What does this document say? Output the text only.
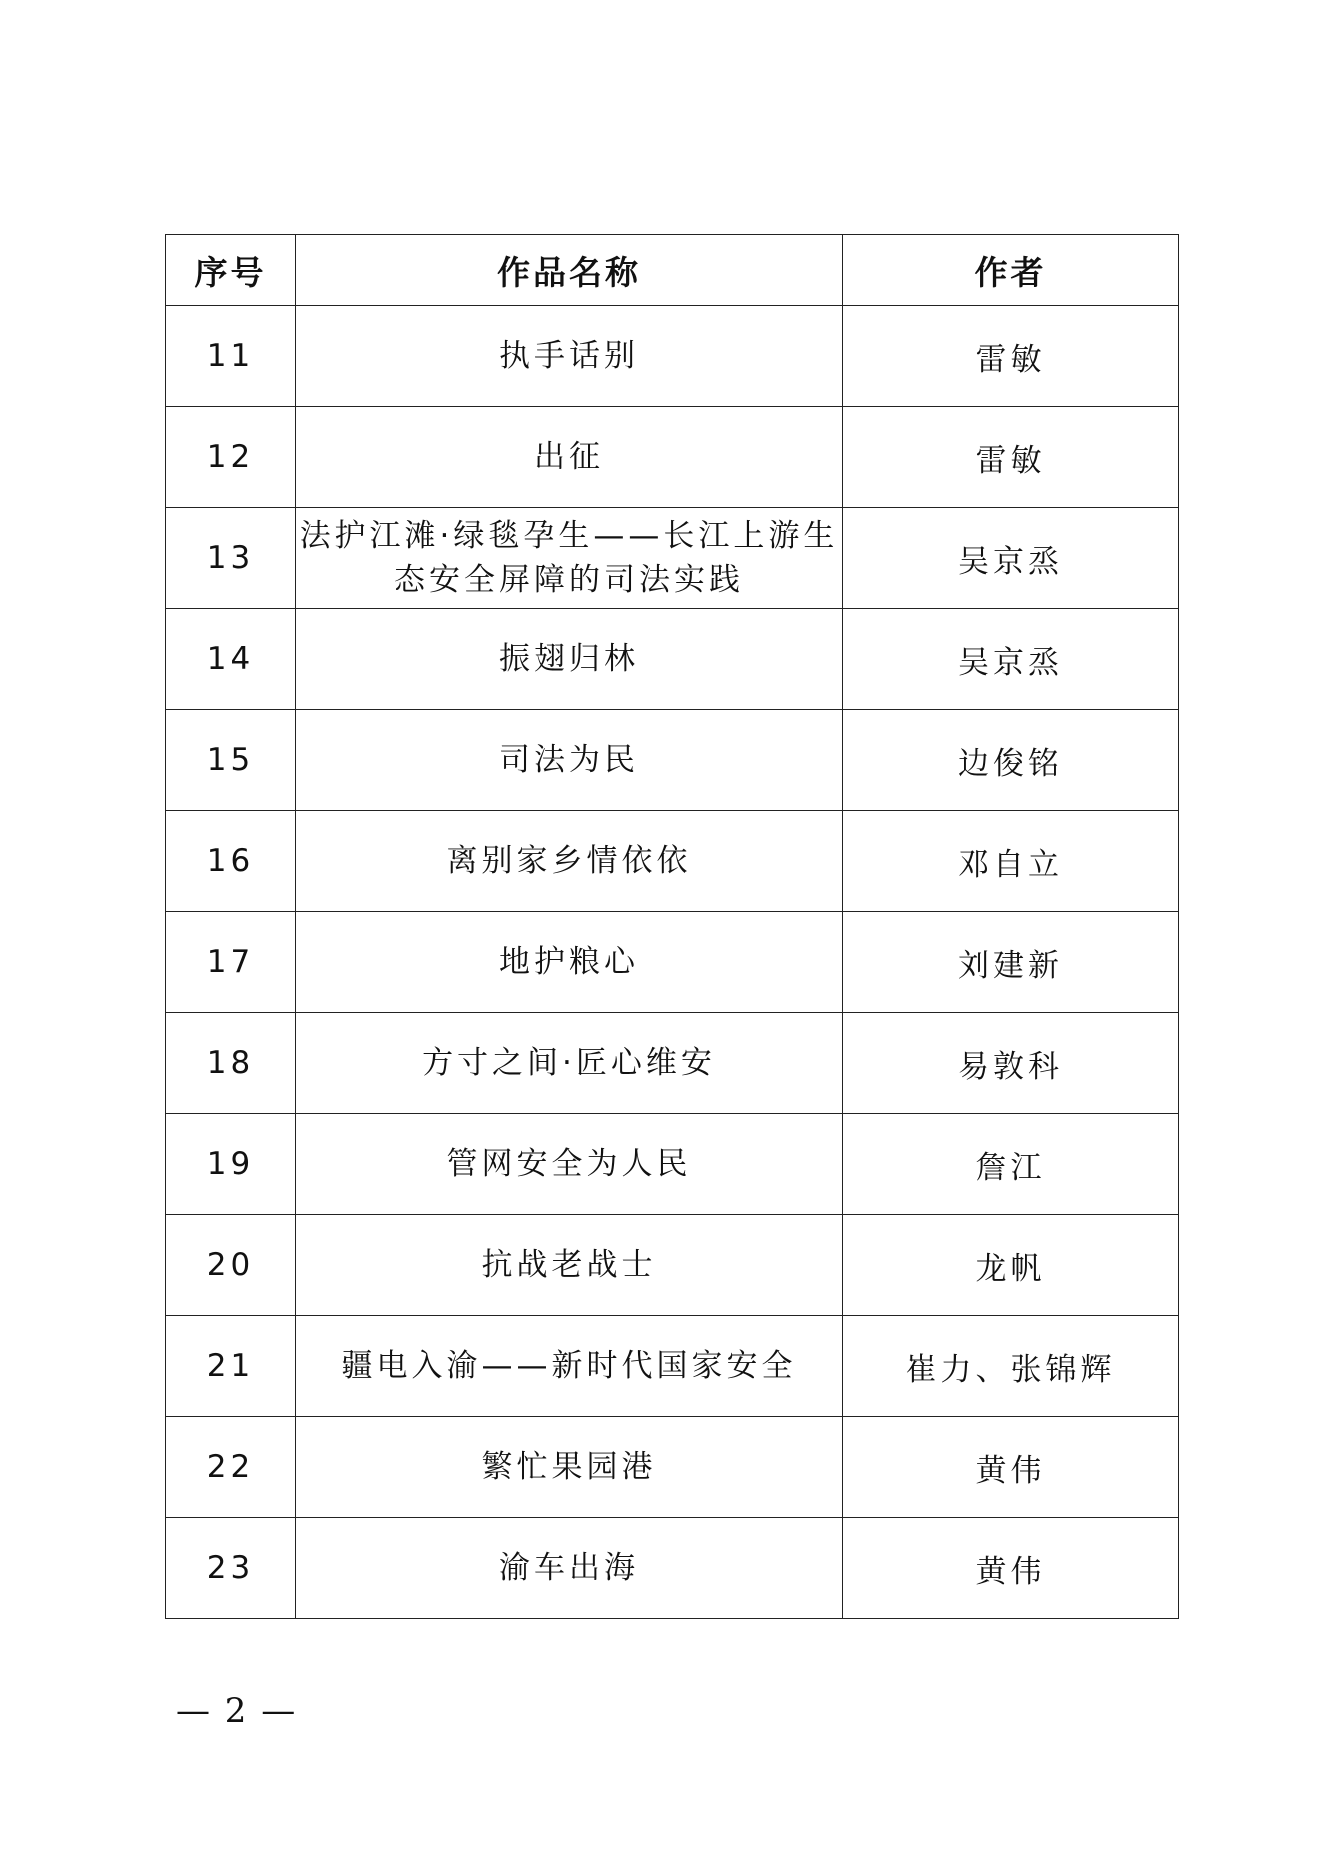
序号	作品名称	作者
11	执手话别	雷敏
12	出征	雷敏
13	法护江滩·绿毯孕生——长江上游生态安全屏障的司法实践	吴京烝
14	振翅归林	吴京烝
15	司法为民	边俊铭
16	离别家乡情依依	邓自立
17	地护粮心	刘建新
18	方寸之间·匠心维安	易敦科
19	管网安全为人民	詹江
20	抗战老战士	龙帆
21	疆电入渝——新时代国家安全	崔力、张锦辉
22	繁忙果园港	黄伟
23	渝车出海	黄伟
— 2 —
